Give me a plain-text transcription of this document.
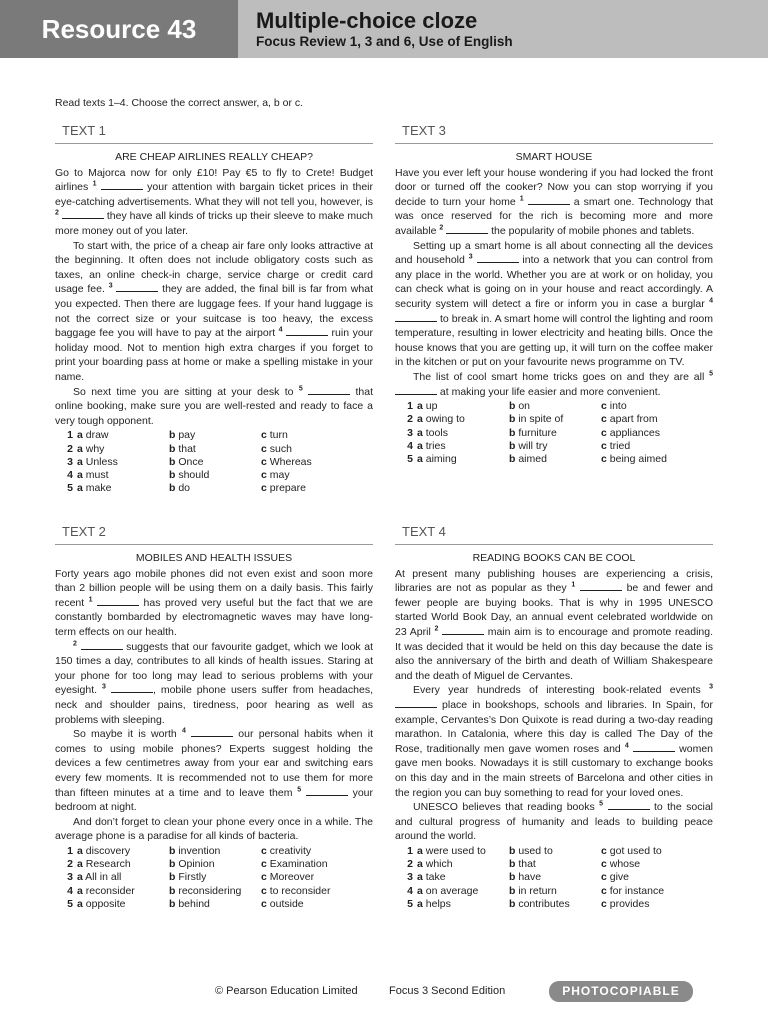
Resource 43	Multiple-choice cloze
Focus Review 1, 3 and 6, Use of English
Read texts 1–4. Choose the correct answer, a, b or c.
TEXT 1
ARE CHEAP AIRLINES REALLY CHEAP?

Go to Majorca now for only £10! Pay €5 to fly to Crete! Budget airlines $^1$	your attention with bargain ticket prices in their eye-catching advertisements. What they will not tell you, however, is $^2$	they have all kinds of tricks up their sleeve to make much more money out of you later.

To start with, the price of a cheap air fare only looks attractive at the beginning. It often does not include obligatory costs such as taxes, an online check-in charge, service charge or credit card usage fee. $^3$	they are added, the final bill is far from what you expected. Then there are luggage fees. If your hand luggage is not the correct size or your suitcase is too heavy, the excess baggage fee you will have to pay at the airport $^4$	ruin your holiday mood. Not to mention high extra charges if you forget to print your boarding pass at home or make a spelling mistake in your name.

So next time you are sitting at your desk to $^5$	that online booking, make sure you are well-rested and ready to face a very tough opponent.

1 a draw	b pay	c turn
2 a why	b that	c such
3 a Unless	b Once	c Whereas
4 a must	b should	c may
5 a make	b do	c prepare
TEXT 3
SMART HOUSE

Have you ever left your house wondering if you had locked the front door or turned off the cooker? Now you can stop worrying if you decide to turn your home $^1$	a smart one. Technology that was once reserved for the rich is becoming more and more available $^2$	the popularity of mobile phones and tablets.

Setting up a smart home is all about connecting all the devices and household $^3$	into a network that you can control from any place in the world. Whether you are at work or on holiday, you can check what is going on in your house and react accordingly. A security system will detect a fire or inform you in case a burglar $^4$  to break in. A smart home will control the lighting and room temperature, resulting in lower electricity and heating bills. Once the house knows that you are getting up, it will turn on the coffee maker in the kitchen or put on your favourite news programme on TV.

The list of cool smart home tricks goes on and they are all $^5$  at making your life easier and more convenient.

1 a up	b on	c into
2 a owing to	b in spite of	c apart from
3 a tools	b furniture	c appliances
4 a tries	b will try	c tried
5 a aiming	b aimed	c being aimed
TEXT 2
MOBILES AND HEALTH ISSUES

Forty years ago mobile phones did not even exist and soon more than 2 billion people will be using them on a daily basis. This fairly recent $^1$	has proved very useful but the fact that we are constantly bombarded by electromagnetic waves may have long-term effects on our health.

$^2$	suggests that our favourite gadget, which we look at 150 times a day, contributes to all kinds of health issues. Staring at your phone for too long may lead to serious problems with your eyesight. $^3$	, mobile phone users suffer from headaches, neck and shoulder pains, tiredness, poor hearing as well as problems with sleeping.

So maybe it is worth $^4$	our personal habits when it comes to using mobile phones? Experts suggest holding the devices a few centimetres away from your ear and switching ears every few moments. It is recommended not to use them for more than fifteen minutes at a time and to leave them $^5$	your bedroom at night.

And don’t forget to clean your phone every once in a while. The average phone is a paradise for all kinds of bacteria.

1 a discovery	b invention	c creativity
2 a Research	b Opinion	c Examination
3 a All in all	b Firstly	c Moreover
4 a reconsider	b reconsidering	c to reconsider
5 a opposite	b behind	c outside
TEXT 4
READING BOOKS CAN BE COOL

At present many publishing houses are experiencing a crisis, libraries are not as popular as they $^1$	be and fewer and fewer people are buying books. That is why in 1995 UNESCO started World Book Day, an annual event celebrated worldwide on 23 April $^2$	main aim is to encourage and promote reading. It was decided that it would be held on this day because the date is also the anniversary of the birth and death of William Shakespeare and the death of Miguel de Cervantes.

Every year hundreds of interesting book-related events $^3$  place in bookshops, schools and libraries. In Spain, for example, Cervantes’s Don Quixote is read during a two-day reading marathon. In Catalonia, where this day is called The Day of the Rose, traditionally men gave women roses and $^4$	women gave men books. Nowadays it is still customary to exchange books on this day and in the main streets of Barcelona and other cities in the region you can buy something to read for your loved ones.

UNESCO believes that reading books $^5$	to the social and cultural progress of humanity and leads to building peace around the world.

1 a were used to	b used to	c got used to
2 a which	b that	c whose
3 a take	b have	c give
4 a on average	b in return	c for instance
5 a helps	b contributes	c provides
© Pearson Education Limited	Focus 3 Second Edition	PHOTOCOPIABLE
